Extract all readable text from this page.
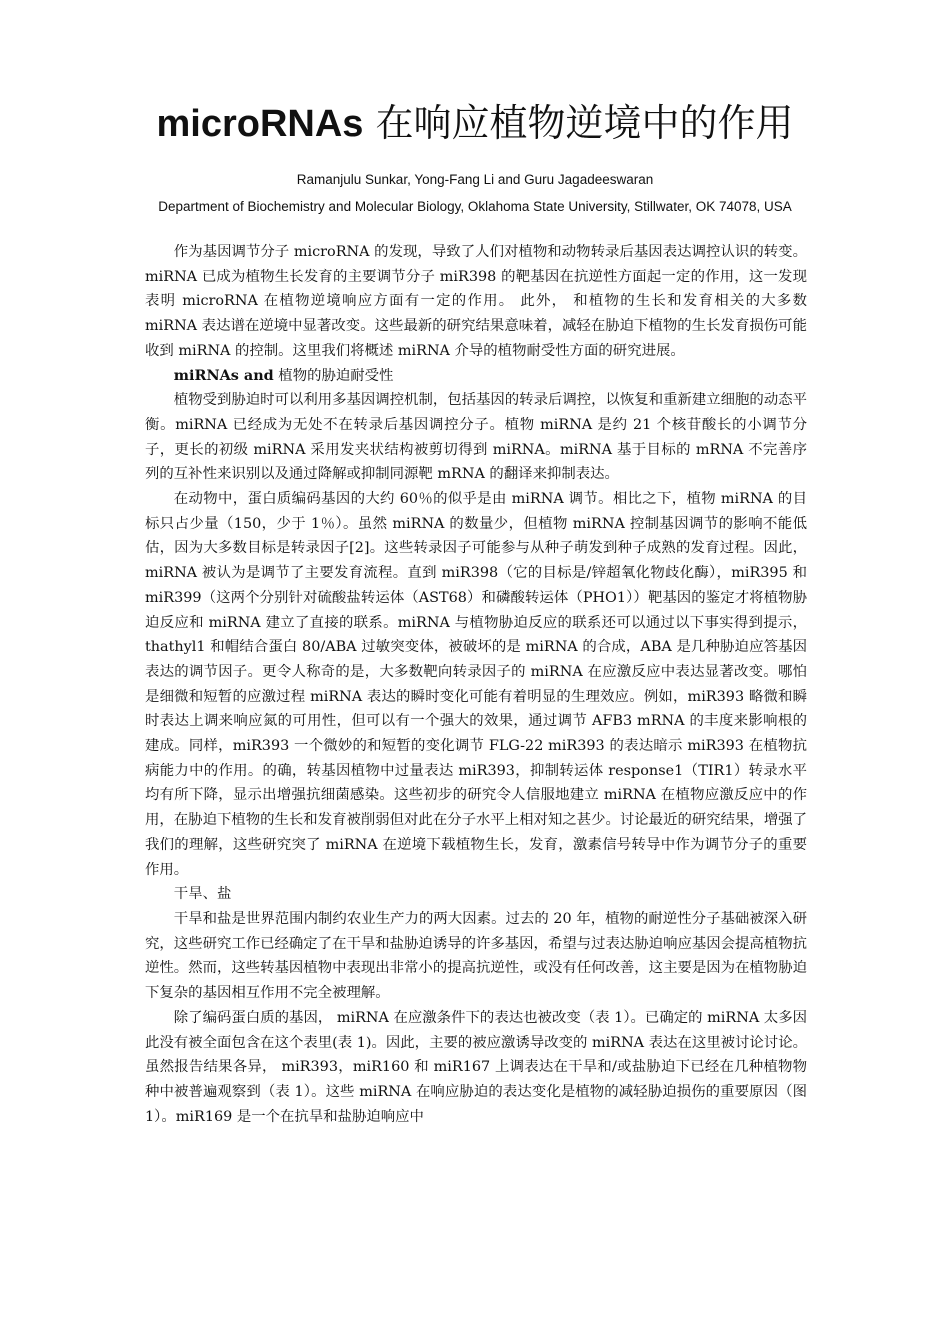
microRNAs 在响应植物逆境中的作用
Ramanjulu Sunkar, Yong-Fang Li and Guru Jagadeeswaran
Department of Biochemistry and Molecular Biology, Oklahoma State University, Stillwater, OK 74078, USA

作为基因调节分子 microRNA 的发现，导致了人们对植物和动物转录后基因表达调控认识的转变。miRNA 已成为植物生长发育的主要调节分子 miR398 的靶基因在抗逆性方面起一定的作用，这一发现表明 microRNA 在植物逆境响应方面有一定的作用。 此外， 和植物的生长和发育相关的大多数 miRNA 表达谱在逆境中显著改变。这些最新的研究结果意味着，减轻在胁迫下植物的生长发育损伤可能收到 miRNA 的控制。这里我们将概述 miRNA 介导的植物耐受性方面的研究进展。

miRNAs and 植物的胁迫耐受性

植物受到胁迫时可以利用多基因调控机制，包括基因的转录后调控，以恢复和重新建立细胞的动态平衡。miRNA 已经成为无处不在转录后基因调控分子。植物 miRNA 是约 21 个核苷酸长的小调节分子，更长的初级 miRNA 采用发夹状结构被剪切得到 miRNA。miRNA 基于目标的 mRNA 不完善序列的互补性来识别以及通过降解或抑制同源靶 mRNA 的翻译来抑制表达。

在动物中，蛋白质编码基因的大约 60％的似乎是由 miRNA 调节。相比之下，植物 miRNA 的目标只占少量（150，少于 1％）。虽然 miRNA 的数量少，但植物 miRNA 控制基因调节的影响不能低估，因为大多数目标是转录因子[2]。这些转录因子可能参与从种子萌发到种子成熟的发育过程。因此，miRNA 被认为是调节了主要发育流程。直到 miR398（它的目标是/锌超氧化物歧化酶），miR395 和 miR399（这两个分别针对硫酸盐转运体（AST68）和磷酸转运体（PHO1））靶基因的鉴定才将植物胁迫反应和 miRNA 建立了直接的联系。miRNA 与植物胁迫反应的联系还可以通过以下事实得到提示，thathyl1 和帽结合蛋白 80/ABA 过敏突变体，被破坏的是 miRNA 的合成，ABA 是几种胁迫应答基因表达的调节因子。更令人称奇的是，大多数靶向转录因子的 miRNA 在应激反应中表达显著改变。哪怕是细微和短暂的应激过程 miRNA 表达的瞬时变化可能有着明显的生理效应。例如，miR393 略微和瞬时表达上调来响应氮的可用性，但可以有一个强大的效果，通过调节 AFB3 mRNA 的丰度来影响根的建成。同样，miR393 一个微妙的和短暂的变化调节 FLG-22 miR393 的表达暗示 miR393 在植物抗病能力中的作用。的确，转基因植物中过量表达 miR393，抑制转运体 response1（TIR1）转录水平均有所下降，显示出增强抗细菌感染。这些初步的研究令人信服地建立 miRNA 在植物应激反应中的作用，在胁迫下植物的生长和发育被削弱但对此在分子水平上相对知之甚少。讨论最近的研究结果，增强了我们的理解，这些研究突了 miRNA 在逆境下载植物生长，发育，激素信号转导中作为调节分子的重要作用。

干旱、盐

干旱和盐是世界范围内制约农业生产力的两大因素。过去的 20 年，植物的耐逆性分子基础被深入研究，这些研究工作已经确定了在干旱和盐胁迫诱导的许多基因，希望与过表达胁迫响应基因会提高植物抗逆性。然而，这些转基因植物中表现出非常小的提高抗逆性，或没有任何改善，这主要是因为在植物胁迫下复杂的基因相互作用不完全被理解。

除了编码蛋白质的基因， miRNA 在应激条件下的表达也被改变（表 1）。已确定的 miRNA 太多因此没有被全面包含在这个表里(表 1)。因此，主要的被应激诱导改变的 miRNA 表达在这里被讨论讨论。虽然报告结果各异， miR393，miR160 和 miR167 上调表达在干旱和/或盐胁迫下已经在几种植物物种中被普遍观察到（表 1）。这些 miRNA 在响应胁迫的表达变化是植物的减轻胁迫损伤的重要原因（图 1）。miR169 是一个在抗旱和盐胁迫响应中
